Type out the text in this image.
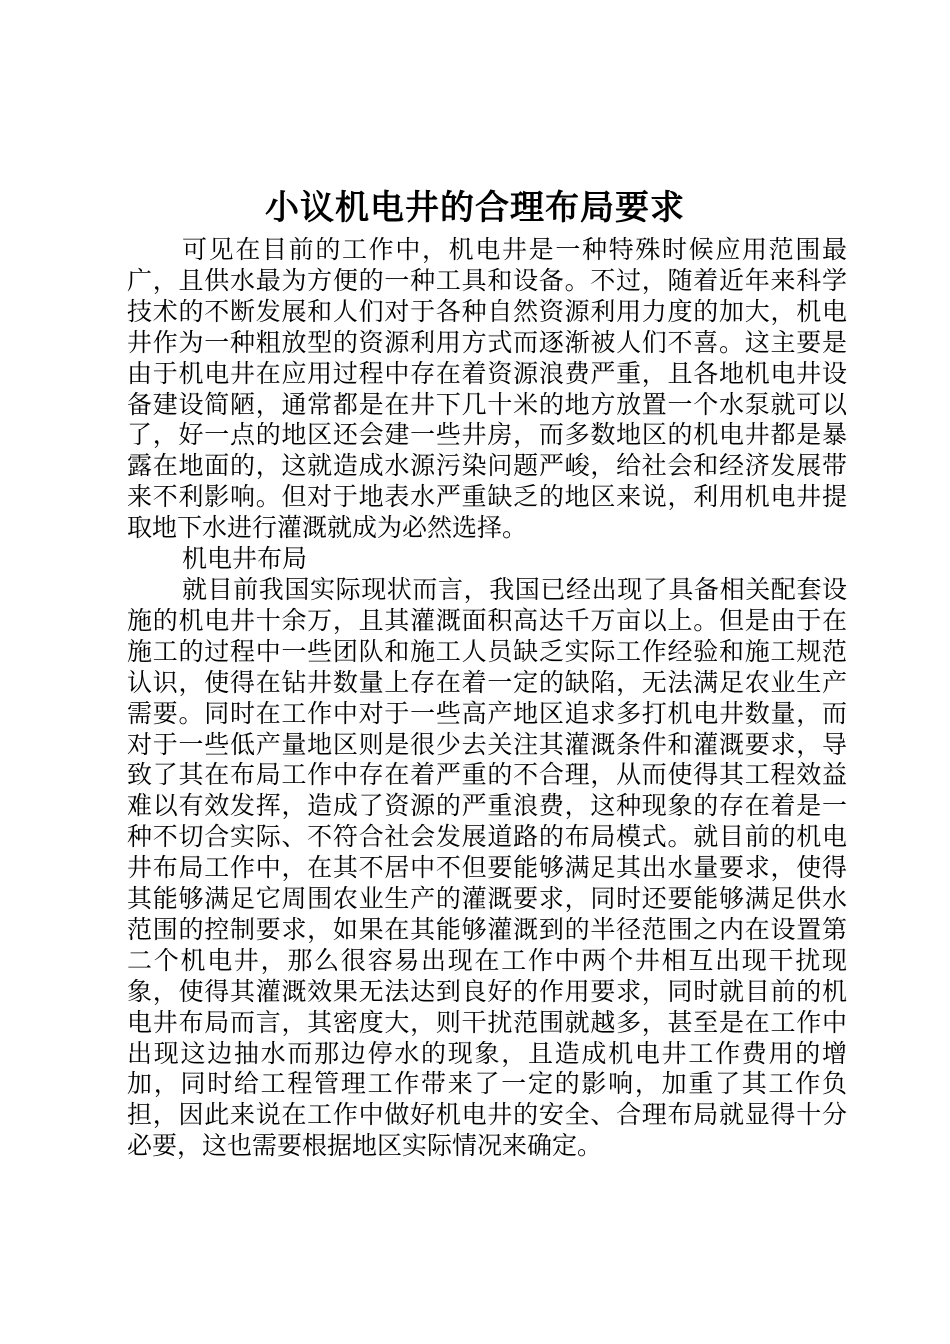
小议机电井的合理布局要求

可见在目前的工作中，机电井是一种特殊时候应用范围最广，且供水最为方便的一种工具和设备。不过，随着近年来科学技术的不断发展和人们对于各种自然资源利用力度的加大，机电井作为一种粗放型的资源利用方式而逐渐被人们不喜。这主要是由于机电井在应用过程中存在着资源浪费严重，且各地机电井设备建设简陋，通常都是在井下几十米的地方放置一个水泵就可以了，好一点的地区还会建一些井房，而多数地区的机电井都是暴露在地面的，这就造成水源污染问题严峻，给社会和经济发展带来不利影响。但对于地表水严重缺乏的地区来说，利用机电井提取地下水进行灌溉就成为必然选择。

机电井布局

就目前我国实际现状而言，我国已经出现了具备相关配套设施的机电井十余万，且其灌溉面积高达千万亩以上。但是由于在施工的过程中一些团队和施工人员缺乏实际工作经验和施工规范认识，使得在钻井数量上存在着一定的缺陷，无法满足农业生产需要。同时在工作中对于一些高产地区追求多打机电井数量，而对于一些低产量地区则是很少去关注其灌溉条件和灌溉要求，导致了其在布局工作中存在着严重的不合理，从而使得其工程效益难以有效发挥，造成了资源的严重浪费，这种现象的存在着是一种不切合实际、不符合社会发展道路的布局模式。就目前的机电井布局工作中，在其不居中不但要能够满足其出水量要求，使得其能够满足它周围农业生产的灌溉要求，同时还要能够满足供水范围的控制要求，如果在其能够灌溉到的半径范围之内在设置第二个机电井，那么很容易出现在工作中两个井相互出现干扰现象，使得其灌溉效果无法达到良好的作用要求，同时就目前的机电井布局而言，其密度大，则干扰范围就越多，甚至是在工作中出现这边抽水而那边停水的现象，且造成机电井工作费用的增加，同时给工程管理工作带来了一定的影响，加重了其工作负担，因此来说在工作中做好机电井的安全、合理布局就显得十分必要，这也需要根据地区实际情况来确定。
